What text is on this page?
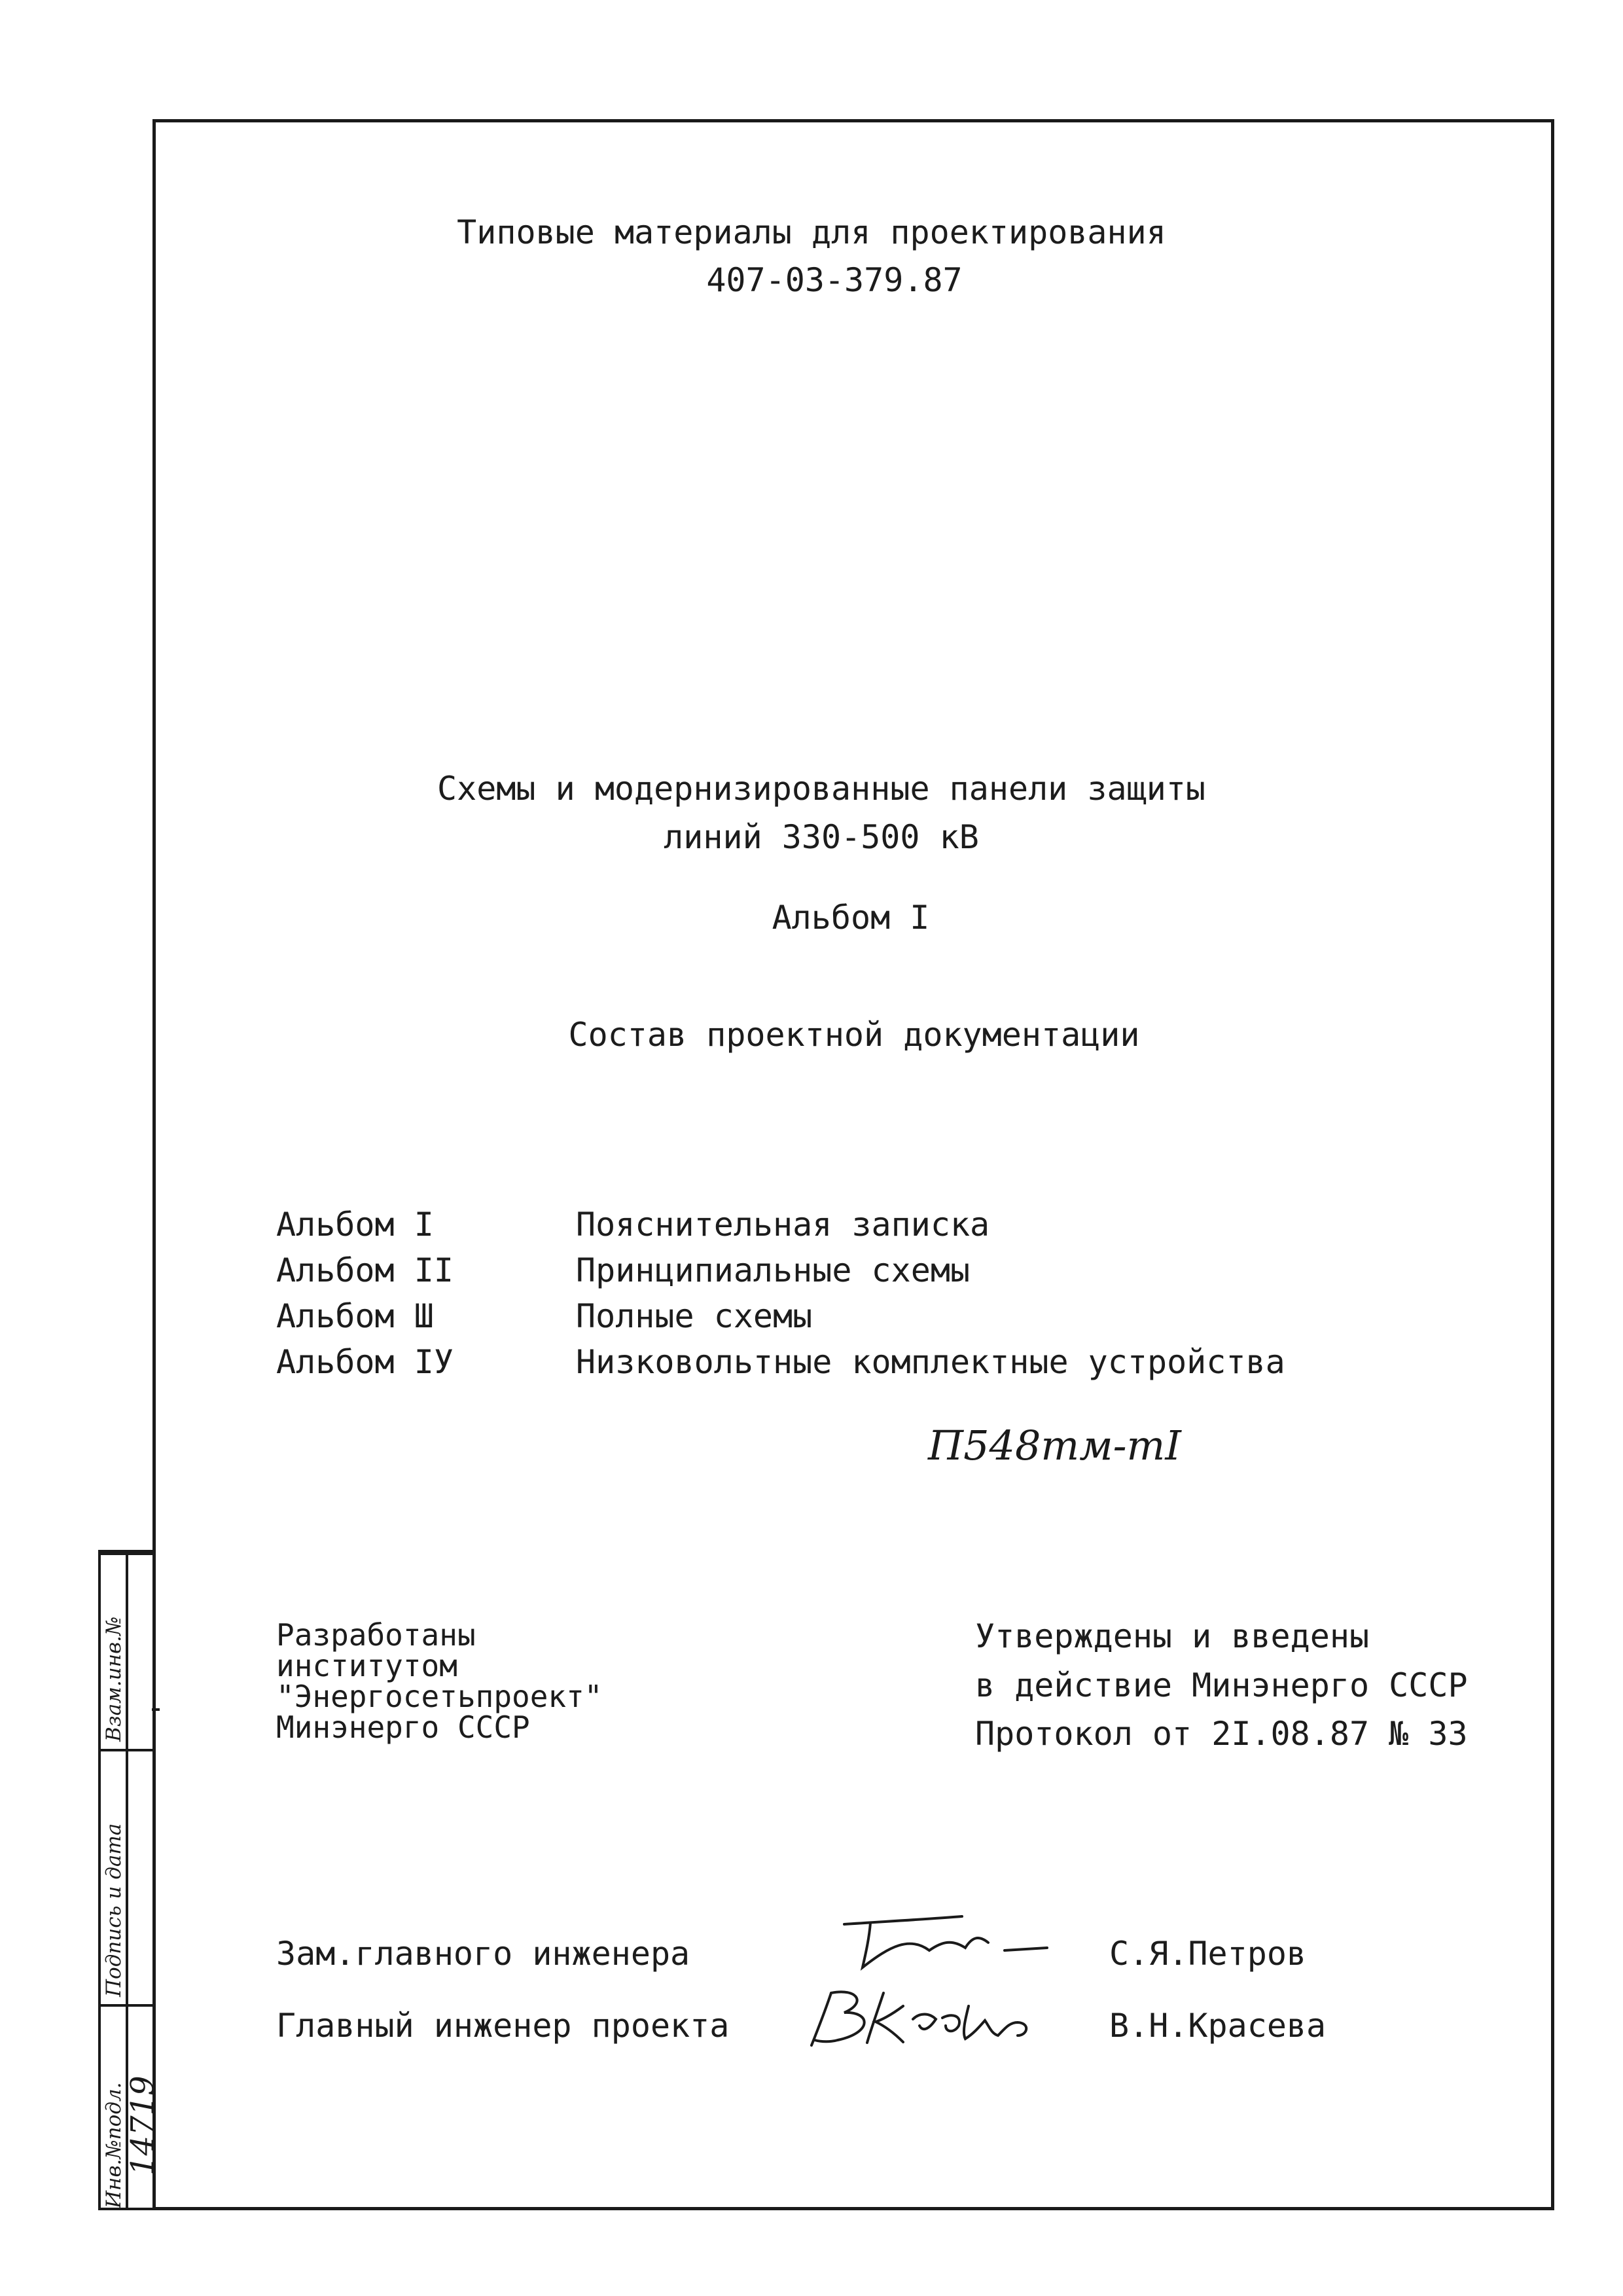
Типовые материалы для проектирования
407-03-379.87
Схемы и модернизированные панели защиты
линий 330-500 кВ
Альбом I
Состав проектной документации
Альбом I	Пояснительная записка
Альбом II	Принципиальные схемы
Альбом Ш	Полные схемы
Альбом IУ	Низковольтные комплектные устройства
П548тм-тI
Разработаны
институтом
"Энергосетьпроект"
Минэнерго СССР
Утверждены и введены
в действие Минэнерго СССР
Протокол от 2I.08.87 № 33
Зам.главного инженера	С.Я.Петров
Главный инженер проекта	В.Н.Красева
Взам.инв.№
Подпись и дата
Инв.№подл.
14719
